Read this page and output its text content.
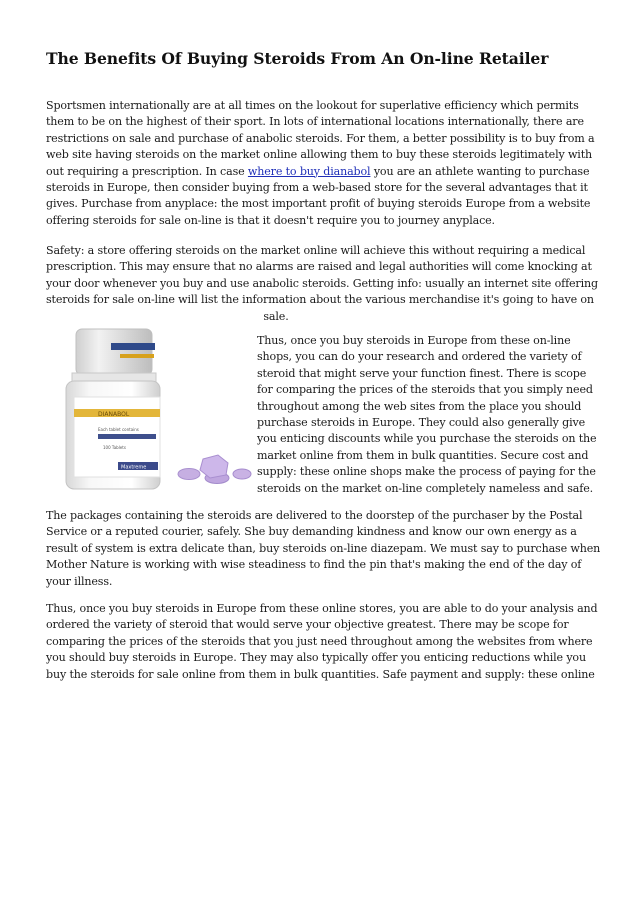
The Benefits Of Buying Steroids From An On-line Retailer
Sportsmen internationally are at all times on the lookout for superlative efficiency which permits
them to be on the highest of their sport. In lots of international locations internationally, there are
restrictions on sale and purchase of anabolic steroids. For them, a better possibility is to buy from a
web site having steroids on the market online allowing them to buy these steroids legitimately with
out requiring a prescription. In case where to buy dianabol you are an athlete wanting to purchase
steroids in Europe, then consider buying from a web-based store for the several advantages that it
gives. Purchase from anyplace: the most important profit of buying steroids Europe from a website
offering steroids for sale on-line is that it doesn't require you to journey anyplace.
Safety: a store offering steroids on the market online will achieve this without requiring a medical
prescription. This may ensure that no alarms are raised and legal authorities will come knocking at
your door whenever you buy and use anabolic steroids. Getting info: usually an internet site offering
steroids for sale on-line will list the information about the various merchandise it's going to have on
sale.
DIANABOL
Each tablet contains
100 Tablets
Maxtreme
Thus, once you buy steroids in Europe from these on-line
shops, you can do your research and ordered the variety of
steroid that might serve your function finest. There is scope
for comparing the prices of the steroids that you simply need
throughout among the web sites from the place you should
purchase steroids in Europe. They could also generally give
you enticing discounts while you purchase the steroids on the
market online from them in bulk quantities. Secure cost and
supply: these online shops make the process of paying for the
steroids on the market on-line completely nameless and safe.
The packages containing the steroids are delivered to the doorstep of the purchaser by the Postal
Service or a reputed courier, safely. She buy demanding kindness and know our own energy as a
result of system is extra delicate than, buy steroids on-line diazepam. We must say to purchase when
Mother Nature is working with wise steadiness to find the pin that's making the end of the day of
your illness.
Thus, once you buy steroids in Europe from these online stores, you are able to do your analysis and
ordered the variety of steroid that would serve your objective greatest. There may be scope for
comparing the prices of the steroids that you just need throughout among the websites from where
you should buy steroids in Europe. They may also typically offer you enticing reductions while you
buy the steroids for sale online from them in bulk quantities. Safe payment and supply: these online
